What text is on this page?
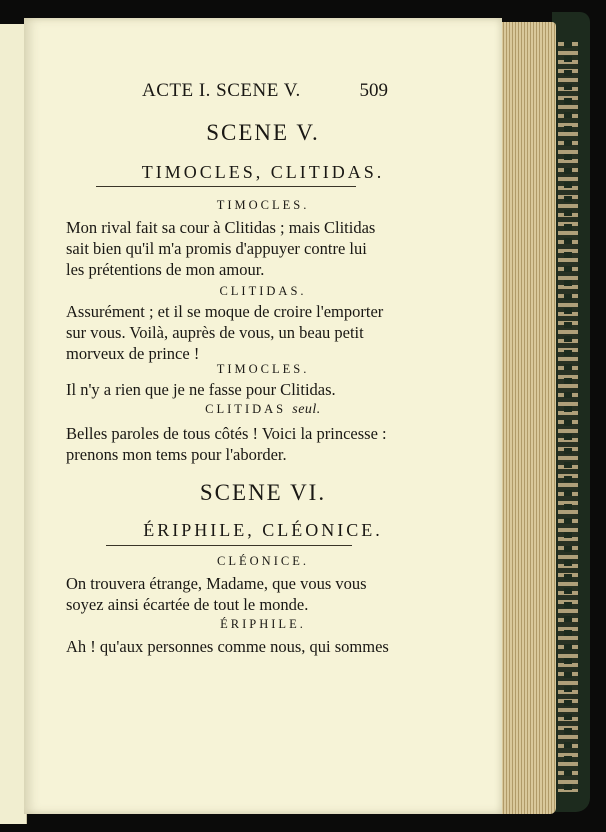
ACTE I. SCENE V.	509
SCENE V.
TIMOCLES, CLITIDAS.
TIMOCLES.
Mon rival fait sa cour à Clitidas ; mais Clitidas
sait bien qu'il m'a promis d'appuyer contre lui
les prétentions de mon amour.
CLITIDAS.
Assurément ; et il se moque de croire l'emporter
sur vous. Voilà, auprès de vous, un beau petit
morveux de prince !
TIMOCLES.
Il n'y a rien que je ne fasse pour Clitidas.
CLITIDAS seul.
Belles paroles de tous côtés ! Voici la princesse :
prenons mon tems pour l'aborder.
SCENE VI.
ÉRIPHILE, CLÉONICE.
CLÉONICE.
On trouvera étrange, Madame, que vous vous
soyez ainsi écartée de tout le monde.
ÉRIPHILE.
Ah ! qu'aux personnes comme nous, qui sommes
